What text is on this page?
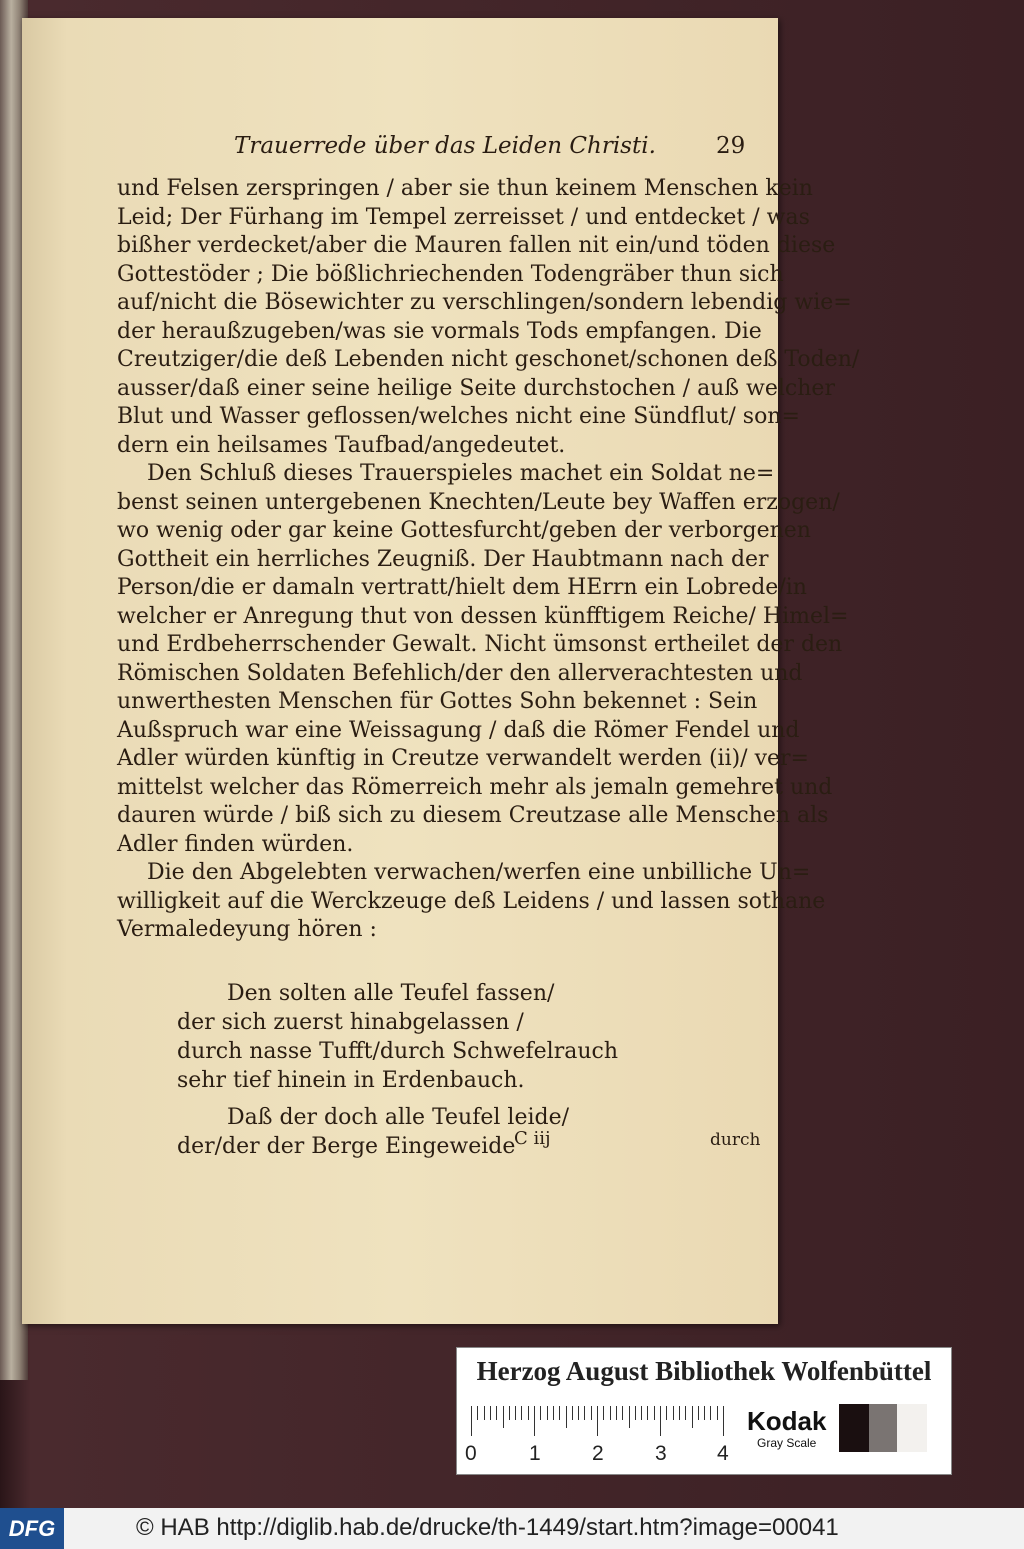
Trauerrede über das Leiden Christi.	29
und Felsen zerspringen / aber sie thun keinem Menschen kein
Leid; Der Fürhang im Tempel zerreisset / und entdecket / was
bißher verdecket/aber die Mauren fallen nit ein/und töden diese
Gottestöder ; Die bößlichriechenden Todengräber thun sich
auf/nicht die Bösewichter zu verschlingen/sondern lebendig wie=
der heraußzugeben/was sie vormals Tods empfangen. Die
Creutziger/die deß Lebenden nicht geschonet/schonen deß Toden/
ausser/daß einer seine heilige Seite durchstochen / auß welcher
Blut und Wasser geflossen/welches nicht eine Sündflut/ son=
dern ein heilsames Taufbad/angedeutet.
Den Schluß dieses Trauerspieles machet ein Soldat ne=
benst seinen untergebenen Knechten/Leute bey Waffen erzogen/
wo wenig oder gar keine Gottesfurcht/geben der verborgenen
Gottheit ein herrliches Zeugniß. Der Haubtmann nach der
Person/die er damaln vertratt/hielt dem HErrn ein Lobrede/in
welcher er Anregung thut von dessen künfftigem Reiche/ Himel=
und Erdbeherrschender Gewalt. Nicht ümsonst ertheilet der den
Römischen Soldaten Befehlich/der den allerverachtesten und
unwerthesten Menschen für Gottes Sohn bekennet : Sein
Außspruch war eine Weissagung / daß die Römer Fendel und
Adler würden künftig in Creutze verwandelt werden (ii)/ ver=
mittelst welcher das Römerreich mehr als jemaln gemehret und
dauren würde / biß sich zu diesem Creutzase alle Menschen als
Adler finden würden.
Die den Abgelebten verwachen/werfen eine unbilliche Un=
willigkeit auf die Werckzeuge deß Leidens / und lassen sothane
Vermaledeyung hören :
Den solten alle Teufel fassen/
der sich zuerst hinabgelassen /
durch nasse Tufft/durch Schwefelrauch
sehr tief hinein in Erdenbauch.
Daß der doch alle Teufel leide/
der/der der Berge Eingeweide
C iij	durch
Herzog August Bibliothek Wolfenbüttel
0 1 2 3 4
Kodak
Gray Scale
DFG	© HAB http://diglib.hab.de/drucke/th-1449/start.htm?image=00041
